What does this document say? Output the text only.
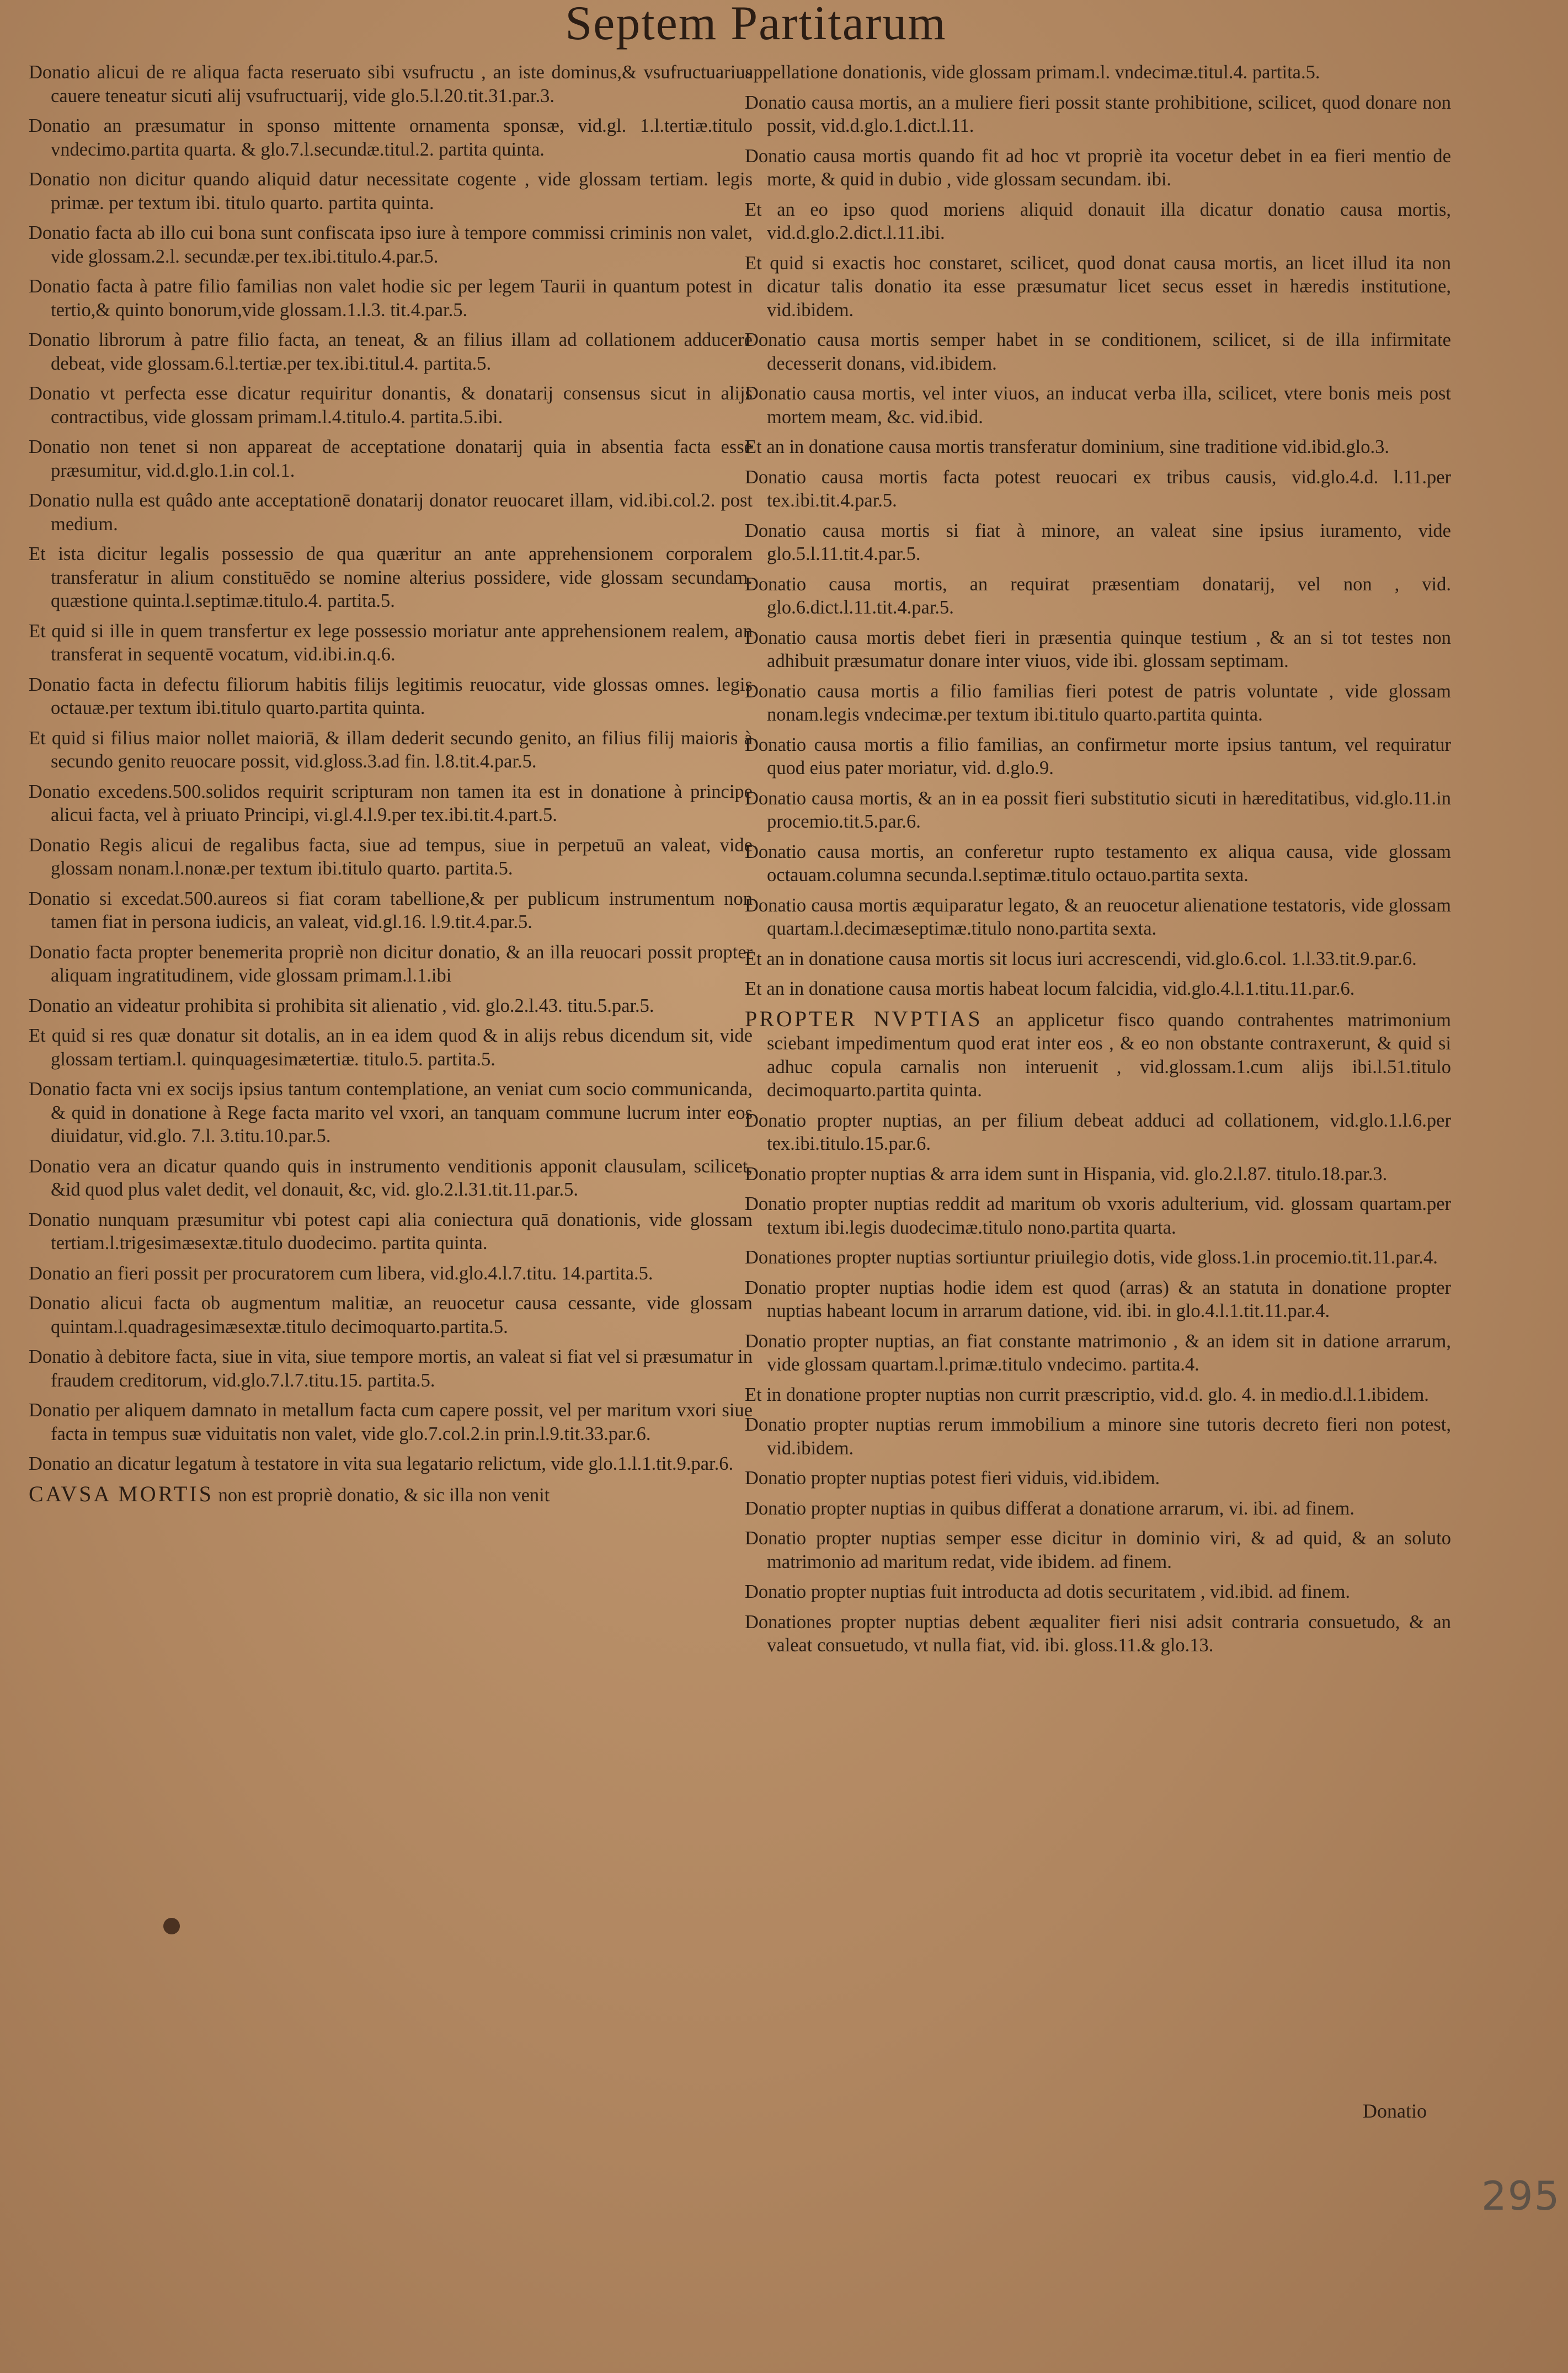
Septem Partitarum

Donatio alicui de re aliqua facta reseruato sibi vsufructu , an iste dominus,& vsufructuarius cauere teneatur sicuti alij vsufructuarij, vide glo.5.l.20.tit.31.par.3.

Donatio an præsumatur in sponso mittente ornamenta sponsæ, vid.gl. 1.l.tertiæ.titulo vndecimo.partita quarta. & glo.7.l.secundæ.titul.2. partita quinta.

Donatio non dicitur quando aliquid datur necessitate cogente , vide glossam tertiam. legis primæ. per textum ibi. titulo quarto. partita quinta.

Donatio facta ab illo cui bona sunt confiscata ipso iure à tempore commissi criminis non valet, vide glossam.2.l. secundæ.per tex.ibi.titulo.4.par.5.

Donatio facta à patre filio familias non valet hodie sic per legem Taurii in quantum potest in tertio,& quinto bonorum,vide glossam.1.l.3. tit.4.par.5.

Donatio librorum à patre filio facta, an teneat, & an filius illam ad collationem adducere debeat, vide glossam.6.l.tertiæ.per tex.ibi.titul.4. partita.5.

Donatio vt perfecta esse dicatur requiritur donantis, & donatarij consensus sicut in alijs contractibus, vide glossam primam.l.4.titulo.4. partita.5.ibi.

Donatio non tenet si non appareat de acceptatione donatarij quia in absentia facta esse præsumitur, vid.d.glo.1.in col.1.

Donatio nulla est quâdo ante acceptationē donatarij donator reuocaret illam, vid.ibi.col.2. post medium.

Et ista dicitur legalis possessio de qua quæritur an ante apprehensionem corporalem transferatur in alium constituēdo se nomine alterius possidere, vide glossam secundam. quæstione quinta.l.septimæ.titulo.4. partita.5.

Et quid si ille in quem transfertur ex lege possessio moriatur ante apprehensionem realem, an transferat in sequentē vocatum, vid.ibi.in.q.6.

Donatio facta in defectu filiorum habitis filijs legitimis reuocatur, vide glossas omnes. legis octauæ.per textum ibi.titulo quarto.partita quinta.

Et quid si filius maior nollet maioriā, & illam dederit secundo genito, an filius filij maioris à secundo genito reuocare possit, vid.gloss.3.ad fin. l.8.tit.4.par.5.

Donatio excedens.500.solidos requirit scripturam non tamen ita est in donatione à principe alicui facta, vel à priuato Principi, vi.gl.4.l.9.per tex.ibi.tit.4.part.5.

Donatio Regis alicui de regalibus facta, siue ad tempus, siue in perpetuū an valeat, vide glossam nonam.l.nonæ.per textum ibi.titulo quarto. partita.5.

Donatio si excedat.500.aureos si fiat coram tabellione,& per publicum instrumentum non tamen fiat in persona iudicis, an valeat, vid.gl.16. l.9.tit.4.par.5.

Donatio facta propter benemerita propriè non dicitur donatio, & an illa reuocari possit propter aliquam ingratitudinem, vide glossam primam.l.1.ibi

Donatio an videatur prohibita si prohibita sit alienatio , vid. glo.2.l.43. titu.5.par.5.

Et quid si res quæ donatur sit dotalis, an in ea idem quod & in alijs rebus dicendum sit, vide glossam tertiam.l. quinquagesimætertiæ. titulo.5. partita.5.

Donatio facta vni ex socijs ipsius tantum contemplatione, an veniat cum socio communicanda, & quid in donatione à Rege facta marito vel vxori, an tanquam commune lucrum inter eos diuidatur, vid.glo. 7.l. 3.titu.10.par.5.

Donatio vera an dicatur quando quis in instrumento venditionis apponit clausulam, scilicet, &id quod plus valet dedit, vel donauit, &c, vid. glo.2.l.31.tit.11.par.5.

Donatio nunquam præsumitur vbi potest capi alia coniectura quā donationis, vide glossam tertiam.l.trigesimæsextæ.titulo duodecimo. partita quinta.

Donatio an fieri possit per procuratorem cum libera, vid.glo.4.l.7.titu. 14.partita.5.

Donatio alicui facta ob augmentum malitiæ, an reuocetur causa cessante, vide glossam quintam.l.quadragesimæsextæ.titulo decimoquarto.partita.5.

Donatio à debitore facta, siue in vita, siue tempore mortis, an valeat si fiat vel si præsumatur in fraudem creditorum, vid.glo.7.l.7.titu.15. partita.5.

Donatio per aliquem damnato in metallum facta cum capere possit, vel per maritum vxori siue facta in tempus suæ viduitatis non valet, vide glo.7.col.2.in prin.l.9.tit.33.par.6.

Donatio an dicatur legatum à testatore in vita sua legatario relictum, vide glo.1.l.1.tit.9.par.6.

CAVSA MORTIS non est propriè donatio, & sic illa non venit

appellatione donationis, vide glossam primam.l. vndecimæ.titul.4. partita.5.

Donatio causa mortis, an a muliere fieri possit stante prohibitione, scilicet, quod donare non possit, vid.d.glo.1.dict.l.11.

Donatio causa mortis quando fit ad hoc vt propriè ita vocetur debet in ea fieri mentio de morte, & quid in dubio , vide glossam secundam. ibi.

Et an eo ipso quod moriens aliquid donauit illa dicatur donatio causa mortis, vid.d.glo.2.dict.l.11.ibi.

Et quid si exactis hoc constaret, scilicet, quod donat causa mortis, an licet illud ita non dicatur talis donatio ita esse præsumatur licet secus esset in hæredis institutione, vid.ibidem.

Donatio causa mortis semper habet in se conditionem, scilicet, si de illa infirmitate decesserit donans, vid.ibidem.

Donatio causa mortis, vel inter viuos, an inducat verba illa, scilicet, vtere bonis meis post mortem meam, &c. vid.ibid.

Et an in donatione causa mortis transferatur dominium, sine traditione vid.ibid.glo.3.

Donatio causa mortis facta potest reuocari ex tribus causis, vid.glo.4.d. l.11.per tex.ibi.tit.4.par.5.

Donatio causa mortis si fiat à minore, an valeat sine ipsius iuramento, vide glo.5.l.11.tit.4.par.5.

Donatio causa mortis, an requirat præsentiam donatarij, vel non , vid. glo.6.dict.l.11.tit.4.par.5.

Donatio causa mortis debet fieri in præsentia quinque testium , & an si tot testes non adhibuit præsumatur donare inter viuos, vide ibi. glossam septimam.

Donatio causa mortis a filio familias fieri potest de patris voluntate , vide glossam nonam.legis vndecimæ.per textum ibi.titulo quarto.partita quinta.

Donatio causa mortis a filio familias, an confirmetur morte ipsius tantum, vel requiratur quod eius pater moriatur, vid. d.glo.9.

Donatio causa mortis, & an in ea possit fieri substitutio sicuti in hæreditatibus, vid.glo.11.in procemio.tit.5.par.6.

Donatio causa mortis, an conferetur rupto testamento ex aliqua causa, vide glossam octauam.columna secunda.l.septimæ.titulo octauo.partita sexta.

Donatio causa mortis æquiparatur legato, & an reuocetur alienatione testatoris, vide glossam quartam.l.decimæseptimæ.titulo nono.partita sexta.

Et an in donatione causa mortis sit locus iuri accrescendi, vid.glo.6.col. 1.l.33.tit.9.par.6.

Et an in donatione causa mortis habeat locum falcidia, vid.glo.4.l.1.titu.11.par.6.

PROPTER NVPTIAS an applicetur fisco quando contrahentes matrimonium sciebant impedimentum quod erat inter eos , & eo non obstante contraxerunt, & quid si adhuc copula carnalis non interuenit , vid.glossam.1.cum alijs ibi.l.51.titulo decimoquarto.partita quinta.

Donatio propter nuptias, an per filium debeat adduci ad collationem, vid.glo.1.l.6.per tex.ibi.titulo.15.par.6.

Donatio propter nuptias & arra idem sunt in Hispania, vid. glo.2.l.87. titulo.18.par.3.

Donatio propter nuptias reddit ad maritum ob vxoris adulterium, vid. glossam quartam.per textum ibi.legis duodecimæ.titulo nono.partita quarta.

Donationes propter nuptias sortiuntur priuilegio dotis, vide gloss.1.in procemio.tit.11.par.4.

Donatio propter nuptias hodie idem est quod (arras) & an statuta in donatione propter nuptias habeant locum in arrarum datione, vid. ibi. in glo.4.l.1.tit.11.par.4.

Donatio propter nuptias, an fiat constante matrimonio , & an idem sit in datione arrarum, vide glossam quartam.l.primæ.titulo vndecimo. partita.4.

Et in donatione propter nuptias non currit præscriptio, vid.d. glo. 4. in medio.d.l.1.ibidem.

Donatio propter nuptias rerum immobilium a minore sine tutoris decreto fieri non potest, vid.ibidem.

Donatio propter nuptias potest fieri viduis, vid.ibidem.

Donatio propter nuptias in quibus differat a donatione arrarum, vi. ibi. ad finem.

Donatio propter nuptias semper esse dicitur in dominio viri, & ad quid, & an soluto matrimonio ad maritum redat, vide ibidem. ad finem.

Donatio propter nuptias fuit introducta ad dotis securitatem , vid.ibid. ad finem.

Donationes propter nuptias debent æqualiter fieri nisi adsit contraria consuetudo, & an valeat consuetudo, vt nulla fiat, vid. ibi. gloss.11.& glo.13.

Donatio
295
